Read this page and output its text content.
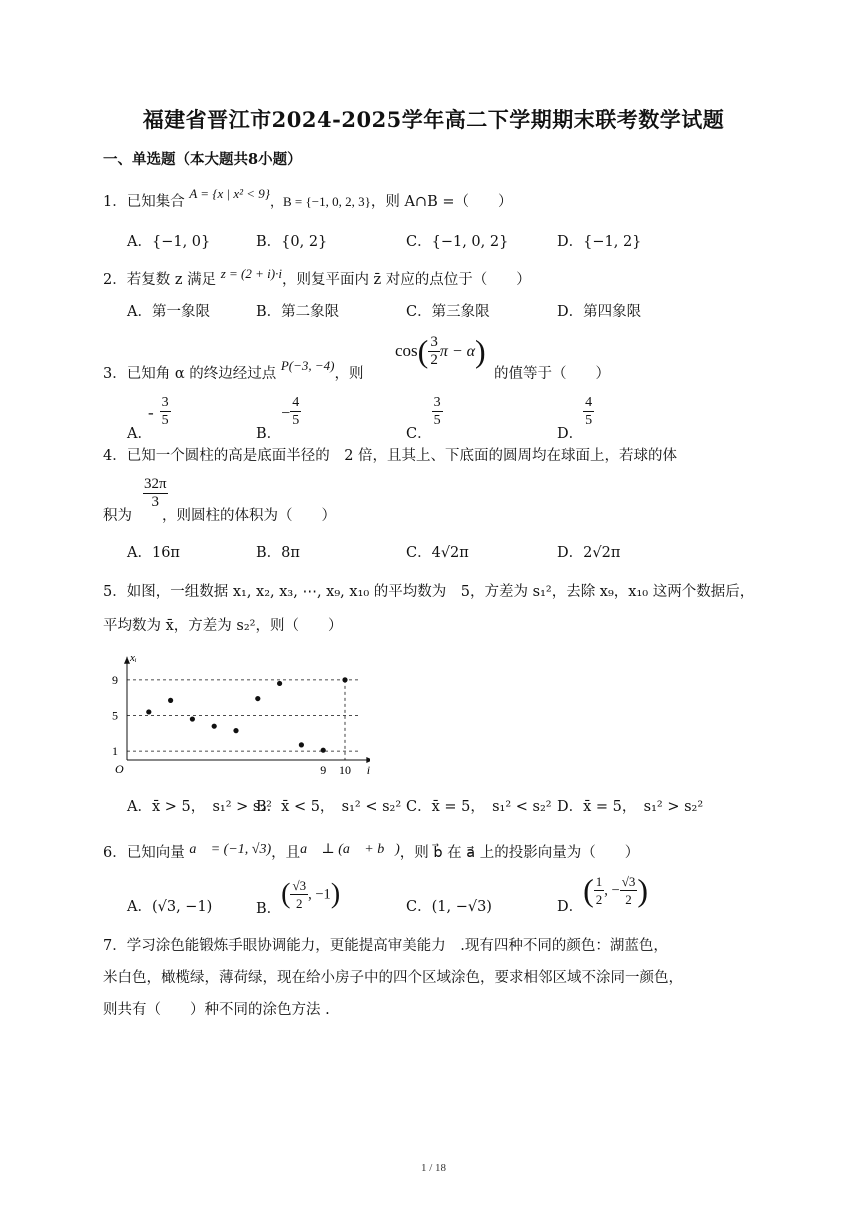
福建省晋江市2024-2025学年高二下学期期末联考数学试题
一、单选题（本大题共8小题）
1．已知集合 A = {x | x² < 9}，B = {−1, 0, 2, 3}，则 A∩B =（　　）
A．{−1, 0}	B．{0, 2}	C．{−1, 0, 2}	D．{−1, 2}
2．若复数 z 满足 z = (2 + i)·i，则复平面内 z̄ 对应的点位于（　　）
A．第一象限	B．第二象限	C．第三象限	D．第四象限
3．已知角 α 的终边经过点 P(−3, −4)，则
$\cos( \frac{3}{2}$ π − α)
的值等于（　　）
A．- $\frac{3}{5}$
B．− $\frac{4}{5}$
C．
$\frac{3}{5}$
D．
$\frac{4}{5}$
4．已知一个圆柱的高是底面半径的　2 倍，且其上、下底面的圆周均在球面上，若球的体
$\frac{32\pi}{3}$
积为 ，则圆柱的体积为（　　）
A．16π	B．8π	C．4√2π	D．2√2π
5．如图，一组数据 x₁, x₂, x₃, ⋯, x₉, x₁₀ 的平均数为　5，方差为 s₁²，去除 x₉，x₁₀ 这两个数据后，
平均数为 x̄，方差为 s₂²，则（　　）
1
5
9
9 10
O	i
xᵢ
A．x̄ > 5，　s₁² > s₂²
B．x̄ < 5，　s₁² < s₂² C．x̄ = 5，　s₁² < s₂² D．x̄ = 5，　s₁² > s₂²
6．已知向量 a⃗ = (−1, √3)，且a⃗ ⊥ (a⃗ + b⃗)，则 b⃗ 在 a⃗ 上的投影向量为（　　）
A．(√3, −1)	B．( $\frac{√3}{2}$ , −1)	C．(1, −√3)	D．( $\frac{1}{2}$ , − $\frac{√3}{2}$ )
7．学习涂色能锻炼手眼协调能力，更能提高审美能力　.现有四种不同的颜色：湖蓝色，
米白色，橄榄绿，薄荷绿，现在给小房子中的四个区域涂色，要求相邻区域不涂同一颜色，
则共有（　　）种不同的涂色方法 .
1 / 18
